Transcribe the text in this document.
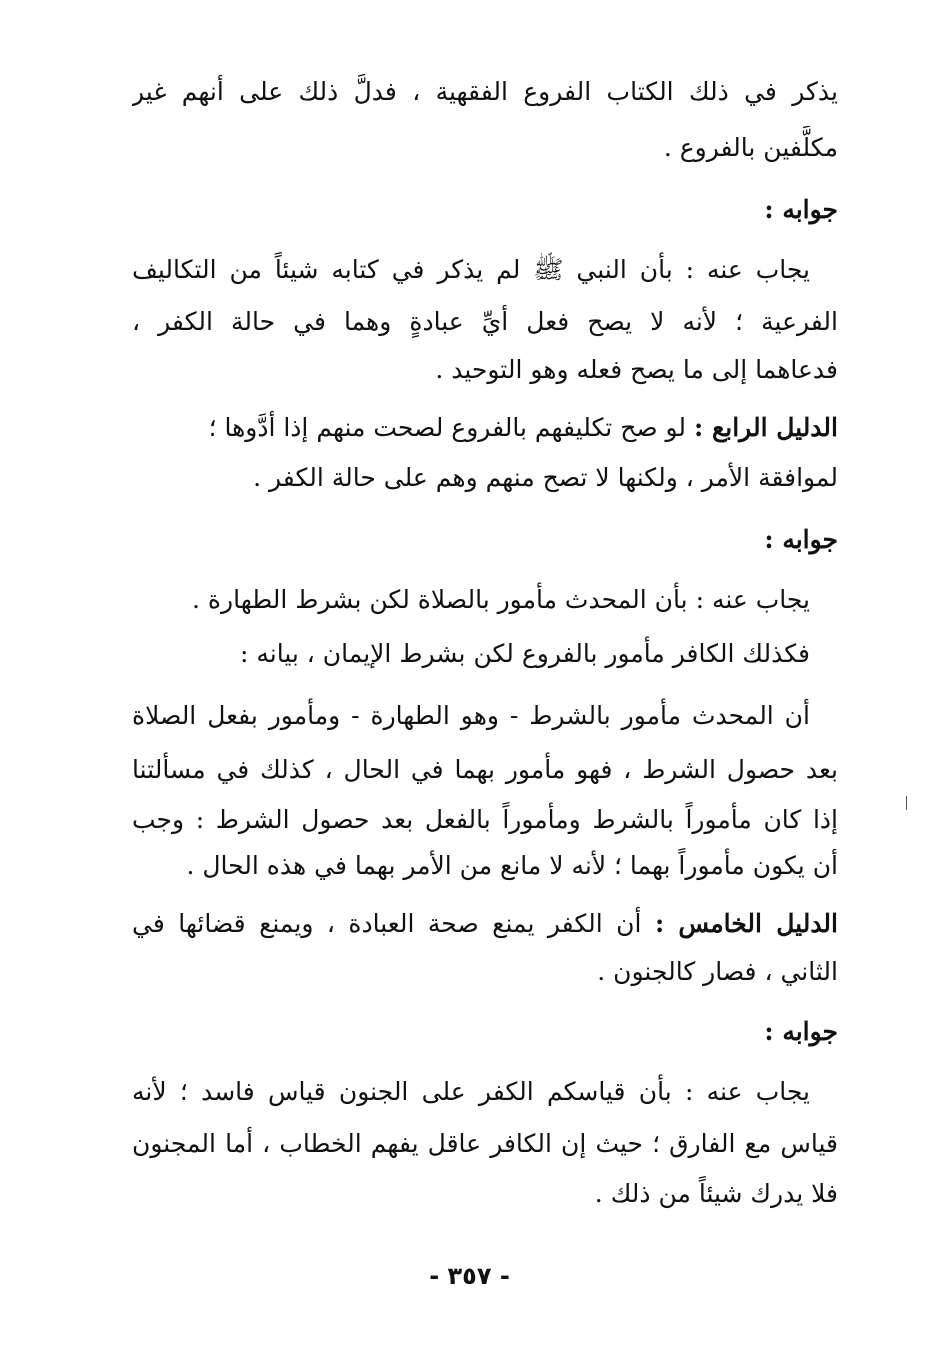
يذكر في ذلك الكتاب الفروع الفقهية ، فدلَّ ذلك على أنهم غير
مكلَّفين بالفروع .
جوابه :
يجاب عنه : بأن النبي ﷺ لم يذكر في كتابه شيئاً من التكاليف
الفرعية ؛ لأنه لا يصح فعل أيِّ عبادةٍ وهما في حالة الكفر ،
فدعاهما إلى ما يصح فعله وهو التوحيد .
الدليل الرابع : لو صح تكليفهم بالفروع لصحت منهم إذا أدَّوها ؛
لموافقة الأمر ، ولكنها لا تصح منهم وهم على حالة الكفر .
جوابه :
يجاب عنه : بأن المحدث مأمور بالصلاة لكن بشرط الطهارة .
فكذلك الكافر مأمور بالفروع لكن بشرط الإيمان ، بيانه :
أن المحدث مأمور بالشرط - وهو الطهارة - ومأمور بفعل الصلاة
بعد حصول الشرط ، فهو مأمور بهما في الحال ، كذلك في مسألتنا
إذا كان مأموراً بالشرط ومأموراً بالفعل بعد حصول الشرط : وجب
أن يكون مأموراً بهما ؛ لأنه لا مانع من الأمر بهما في هذه الحال .
الدليل الخامس : أن الكفر يمنع صحة العبادة ، ويمنع قضائها في
الثاني ، فصار كالجنون .
جوابه :
يجاب عنه : بأن قياسكم الكفر على الجنون قياس فاسد ؛ لأنه
قياس مع الفارق ؛ حيث إن الكافر عاقل يفهم الخطاب ، أما المجنون
فلا يدرك شيئاً من ذلك .
- ٣٥٧ -
